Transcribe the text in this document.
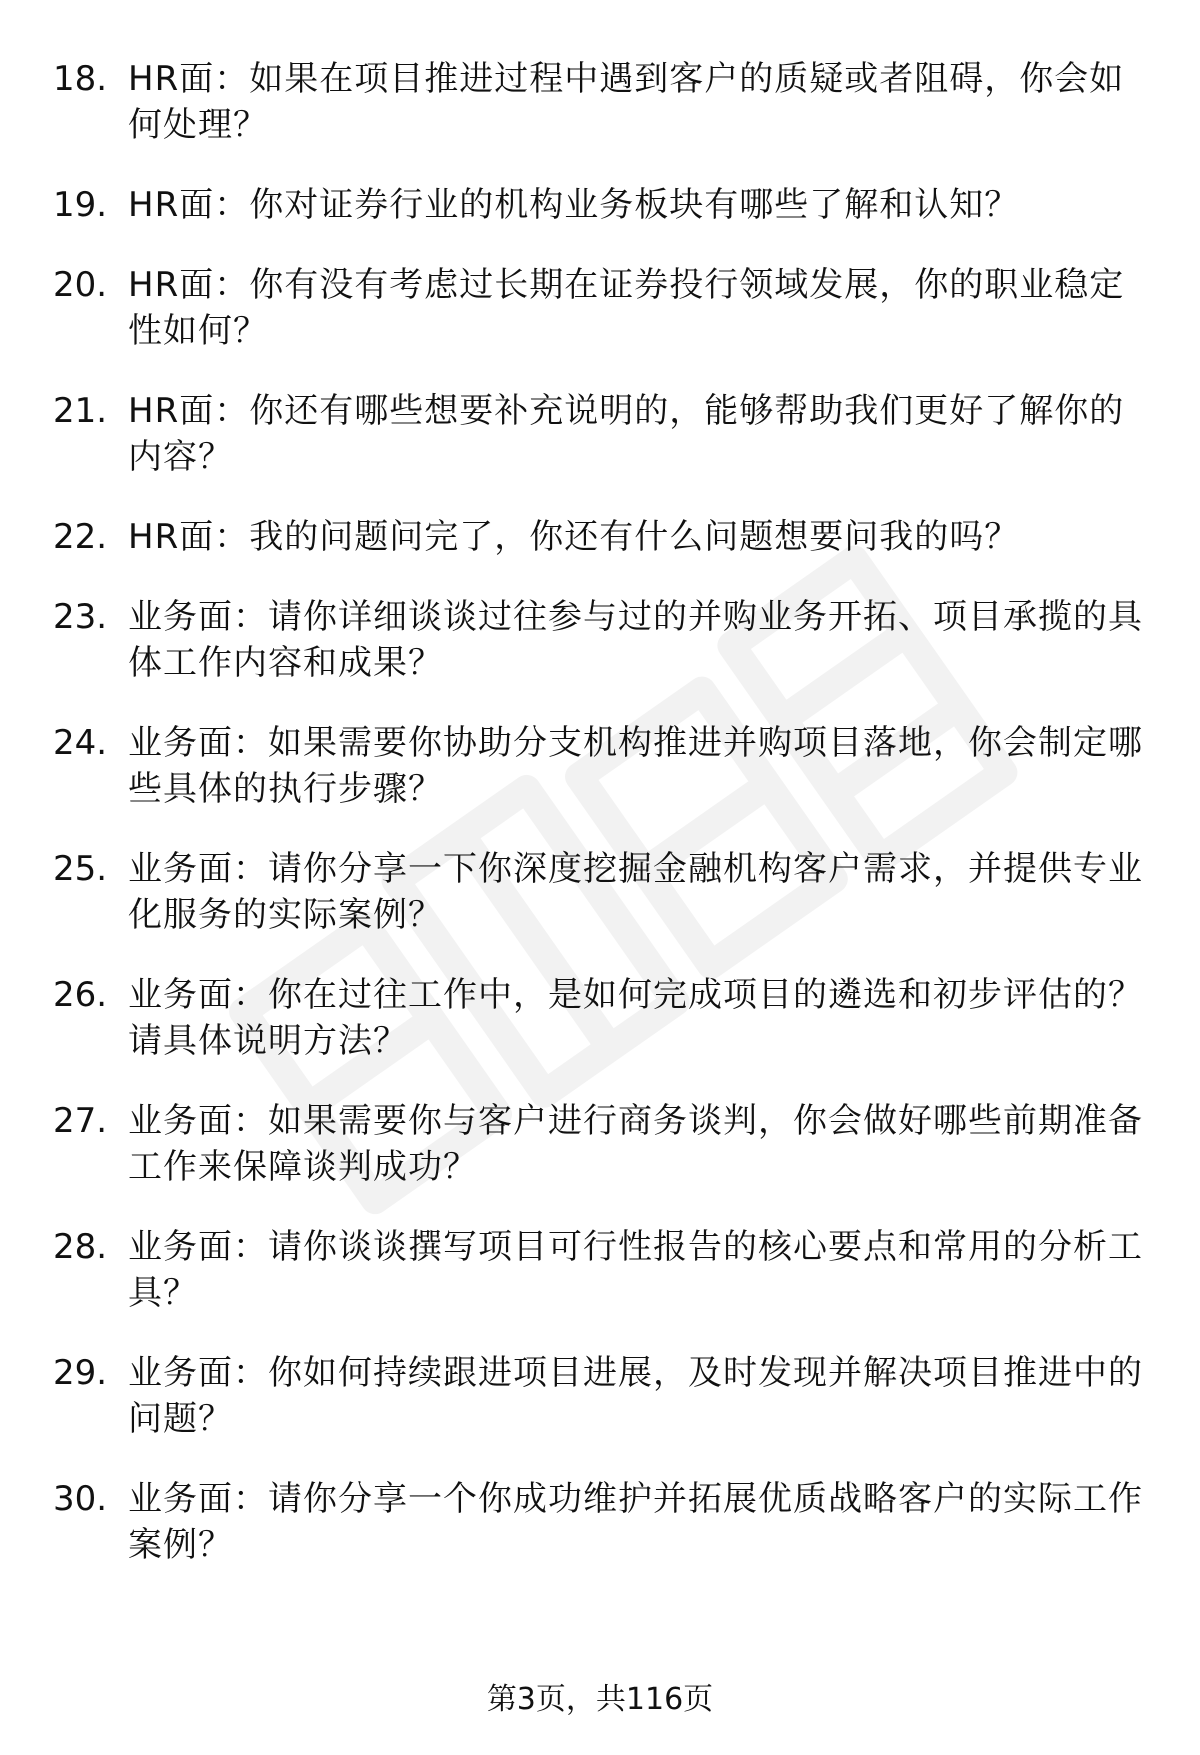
18. HR面：如果在项目推进过程中遇到客户的质疑或者阻碍，你会如何处理？
19. HR面：你对证券行业的机构业务板块有哪些了解和认知？
20. HR面：你有没有考虑过长期在证券投行领域发展，你的职业稳定性如何？
21. HR面：你还有哪些想要补充说明的，能够帮助我们更好了解你的内容？
22. HR面：我的问题问完了，你还有什么问题想要问我的吗？
23. 业务面：请你详细谈谈过往参与过的并购业务开拓、项目承揽的具体工作内容和成果？
24. 业务面：如果需要你协助分支机构推进并购项目落地，你会制定哪些具体的执行步骤？
25. 业务面：请你分享一下你深度挖掘金融机构客户需求，并提供专业化服务的实际案例？
26. 业务面：你在过往工作中，是如何完成项目的遴选和初步评估的？请具体说明方法？
27. 业务面：如果需要你与客户进行商务谈判，你会做好哪些前期准备工作来保障谈判成功？
28. 业务面：请你谈谈撰写项目可行性报告的核心要点和常用的分析工具？
29. 业务面：你如何持续跟进项目进展，及时发现并解决项目推进中的问题？
30. 业务面：请你分享一个你成功维护并拓展优质战略客户的实际工作案例？
第3页，共116页
